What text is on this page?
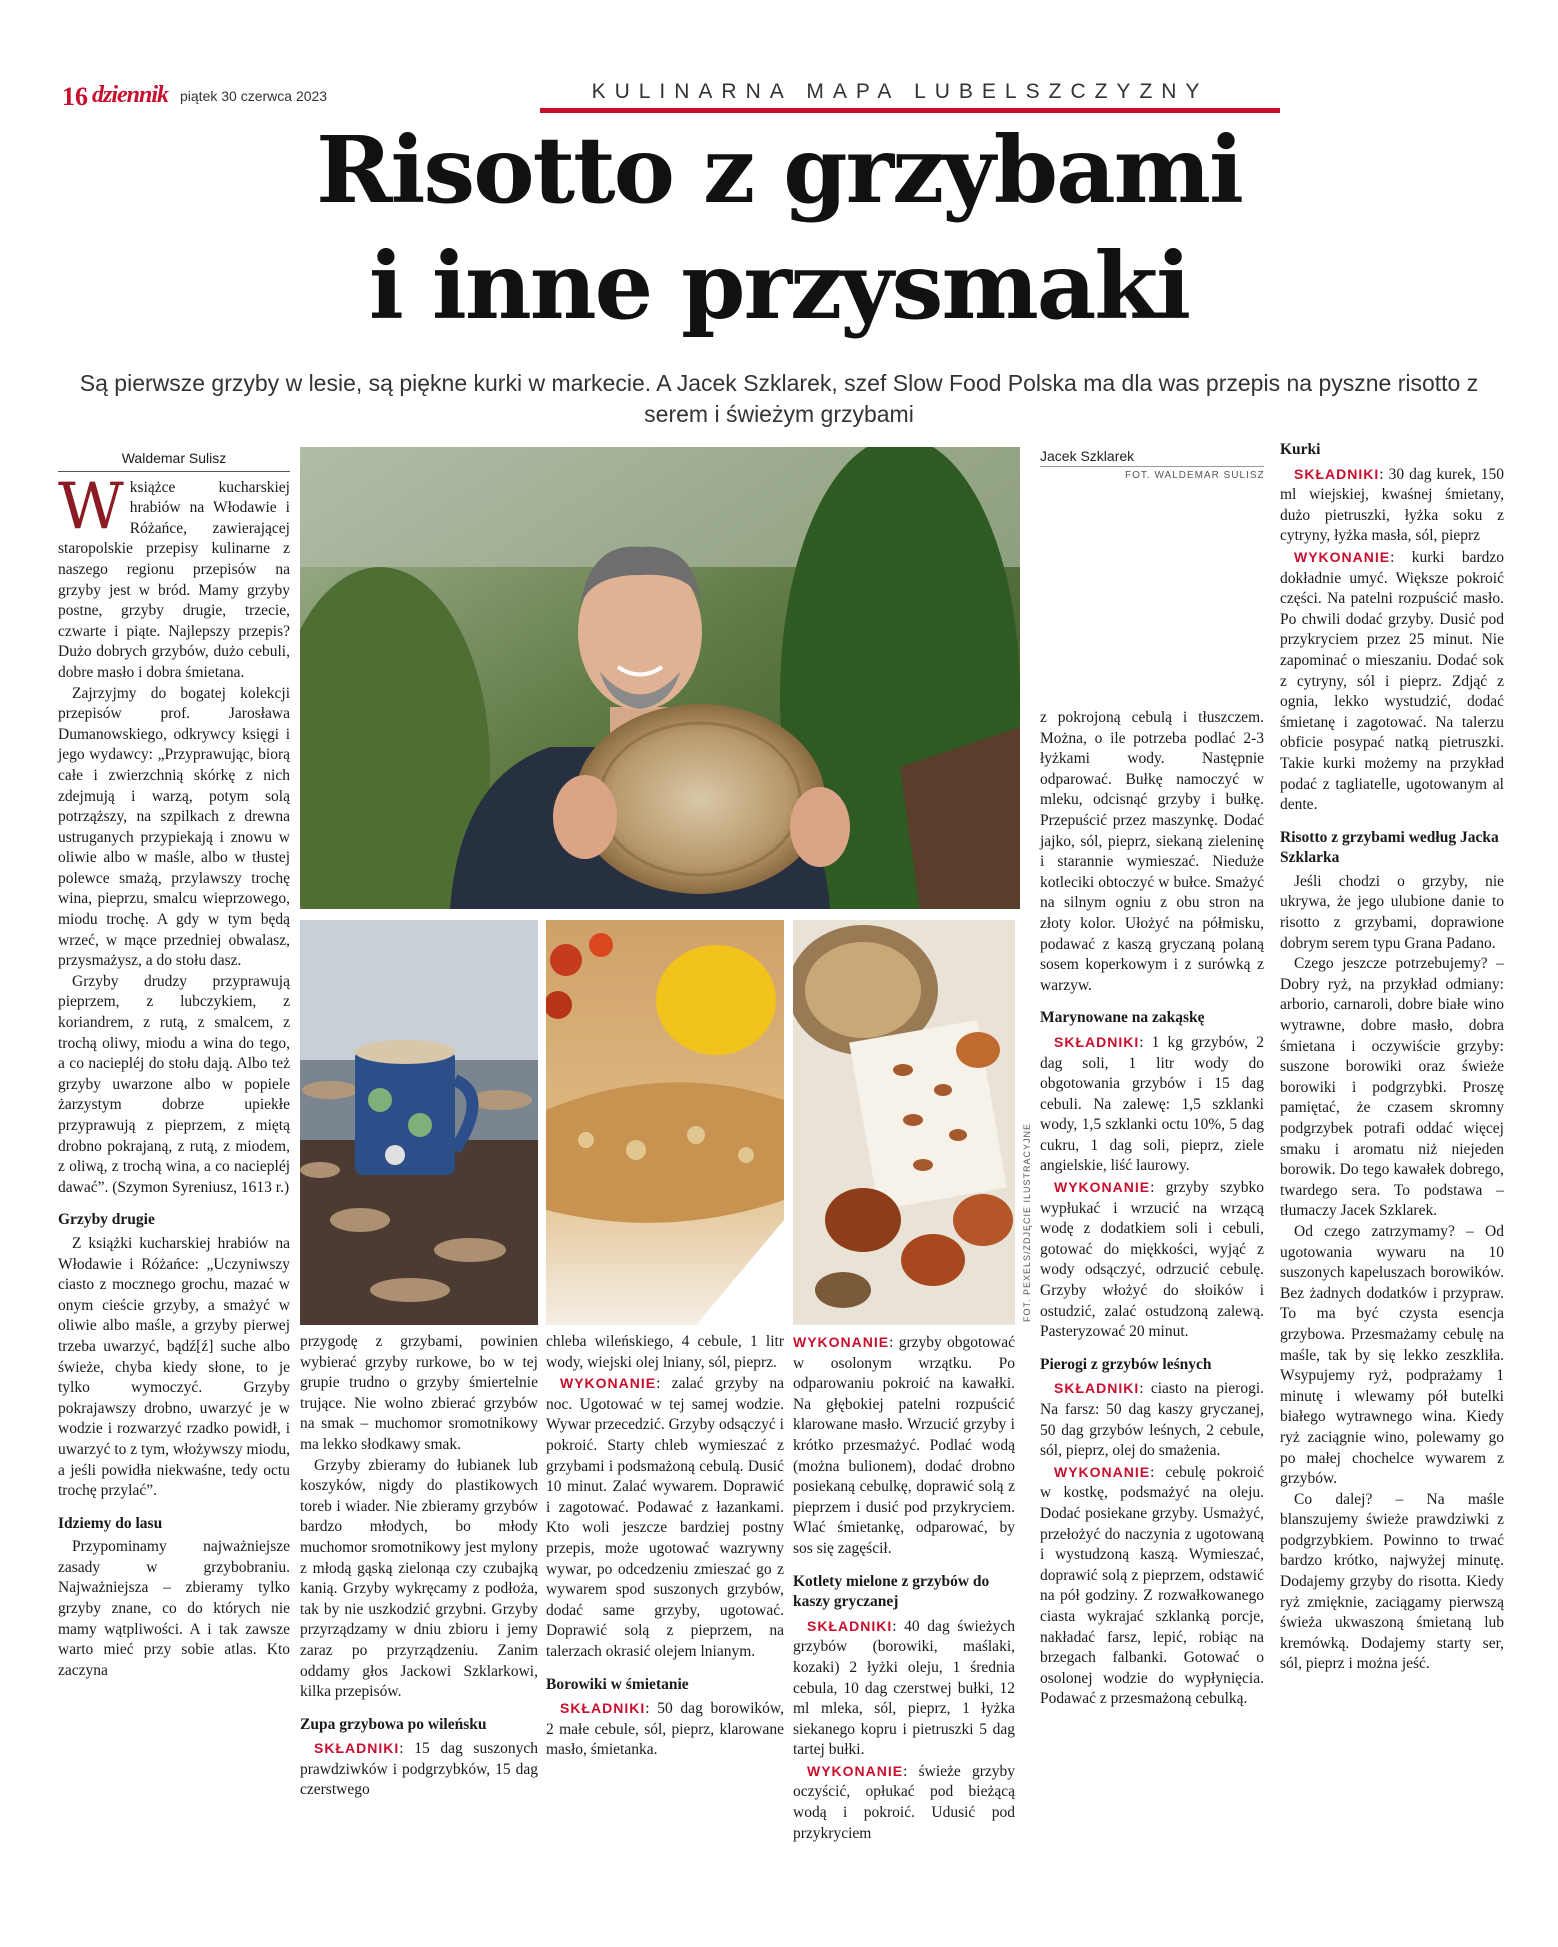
16 dziennik piątek 30 czerwca 2023	KULINARNA MAPA LUBELSZCZYZNY
Risotto z grzybami
i inne przysmaki
Są pierwsze grzyby w lesie, są piękne kurki w markecie. A Jacek Szklarek, szef Slow Food Polska ma dla was przepis na pyszne risotto z serem i świeżym grzybami
FOT. PEXELS/ZDJĘCIE ILUSTRACYJNE
Waldemar Sulisz

Wksiążce kucharskiej hrabiów na Włodawie i Różańce, zawierającej staropolskie przepisy kulinarne z naszego regionu przepisów na grzyby jest w bród. Mamy grzyby postne, grzyby drugie, trzecie, czwarte i piąte. Najlepszy przepis? Dużo dobrych grzybów, dużo cebuli, dobre masło i dobra śmietana.

Zajrzyjmy do bogatej kolekcji przepisów prof. Jarosława Dumanowskiego, odkrywcy księgi i jego wydawcy: „Przyprawując, biorą całe i zwierzchnią skórkę z nich zdejmują i warzą, potym solą potrząższy, na szpilkach z drewna ustruganych przypiekają i znowu w oliwie albo w maśle, albo w tłustej polewce smażą, przylawszy trochę wina, pieprzu, smalcu wieprzowego, miodu trochę. A gdy w tym będą wrzeć, w mące przedniej obwalasz, przysmażysz, a do stołu dasz.

Grzyby drudzy przyprawują pieprzem, z lubczykiem, z koriandrem, z rutą, z smalcem, z trochą oliwy, miodu a wina do tego, a co naciepléj do stołu dają. Albo też grzyby uwarzone albo w popiele żarzystym dobrze upiekłe przyprawują z pieprzem, z miętą drobno pokrajaną, z rutą, z miodem, z oliwą, z trochą wina, a co naciepléj dawać”. (Szymon Syreniusz, 1613 r.)

Grzyby drugie

Z książki kucharskiej hrabiów na Włodawie i Różańce: „Uczyniwszy ciasto z mocznego grochu, mazać w onym cieście grzyby, a smażyć w oliwie albo maśle, a grzyby pierwej trzeba uwarzyć, bądź[ź] suche albo świeże, chyba kiedy słone, to je tylko wymoczyć. Grzyby pokrajawszy drobno, uwarzyć je w wodzie i rozwarzyć rzadko powidł, i uwarzyć to z tym, włożywszy miodu, a jeśli powidła niekwaśne, tedy octu trochę przylać”.

Idziemy do lasu

Przypominamy najważniejsze zasady w grzybobraniu. Najważniejsza – zbieramy tylko grzyby znane, co do których nie mamy wątpliwości. A i tak zawsze warto mieć przy sobie atlas. Kto zaczyna

przygodę z grzybami, powinien wybierać grzyby rurkowe, bo w tej grupie trudno o grzyby śmiertelnie trujące. Nie wolno zbierać grzybów na smak – muchomor sromotnikowy ma lekko słodkawy smak.

Grzyby zbieramy do łubianek lub koszyków, nigdy do plastikowych toreb i wiader. Nie zbieramy grzybów bardzo młodych, bo młody muchomor sromotnikowy jest mylony z młodą gąską zielonąa czy czubajką kanią. Grzyby wykręcamy z podłoża, tak by nie uszkodzić grzybni. Grzyby przyrządzamy w dniu zbioru i jemy zaraz po przyrządzeniu. Zanim oddamy głos Jackowi Szklarkowi, kilka przepisów.

Zupa grzybowa po wileńsku

SKŁADNIKI: 15 dag suszonych prawdziwków i podgrzybków, 15 dag czerstwego

chleba wileńskiego, 4 cebule, 1 litr wody, wiejski olej lniany, sól, pieprz.

WYKONANIE: zalać grzyby na noc. Ugotować w tej samej wodzie. Wywar przecedzić. Grzyby odsączyć i pokroić. Starty chleb wymieszać z grzybami i podsmażoną cebulą. Dusić 10 minut. Zalać wywarem. Doprawić i zagotować. Podawać z łazankami. Kto woli jeszcze bardziej postny przepis, może ugotować wazrywny wywar, po odcedzeniu zmieszać go z wywarem spod suszonych grzybów, dodać same grzyby, ugotować. Doprawić solą z pieprzem, na talerzach okrasić olejem lnianym.

Borowiki w śmietanie

SKŁADNIKI: 50 dag borowików, 2 małe cebule, sól, pieprz, klarowane masło, śmietanka.

WYKONANIE: grzyby obgotować w osolonym wrzątku. Po odparowaniu pokroić na kawałki. Na głębokiej patelni rozpuścić klarowane masło. Wrzucić grzyby i krótko przesmażyć. Podlać wodą (można bulionem), dodać drobno posiekaną cebulkę, doprawić solą z pieprzem i dusić pod przykryciem. Wlać śmietankę, odparować, by sos się zagęścił.

Kotlety mielone z grzybów do kaszy gryczanej

SKŁADNIKI: 40 dag świeżych grzybów (borowiki, maślaki, kozaki) 2 łyżki oleju, 1 średnia cebula, 10 dag czerstwej bułki, 12 ml mleka, sól, pieprz, 1 łyżka siekanego kopru i pietruszki 5 dag tartej bułki.

WYKONANIE: świeże grzyby oczyścić, opłukać pod bieżącą wodą i pokroić. Udusić pod przykryciem

Jacek Szklarek
FOT. WALDEMAR SULISZ

z pokrojoną cebulą i tłuszczem. Można, o ile potrzeba podlać 2-3 łyżkami wody. Następnie odparować. Bułkę namoczyć w mleku, odcisnąć grzyby i bułkę. Przepuścić przez maszynkę. Dodać jajko, sól, pieprz, siekaną zieleninę i starannie wymieszać. Nieduże kotleciki obtoczyć w bułce. Smażyć na silnym ogniu z obu stron na złoty kolor. Ułożyć na półmisku, podawać z kaszą gryczaną polaną sosem koperkowym i z surówką z warzyw.

Marynowane na zakąskę

SKŁADNIKI: 1 kg grzybów, 2 dag soli, 1 litr wody do obgotowania grzybów i 15 dag cebuli. Na zalewę: 1,5 szklanki wody, 1,5 szklanki octu 10%, 5 dag cukru, 1 dag soli, pieprz, ziele angielskie, liść laurowy.

WYKONANIE: grzyby szybko wypłukać i wrzucić na wrzącą wodę z dodatkiem soli i cebuli, gotować do miękkości, wyjąć z wody odsączyć, odrzucić cebulę. Grzyby włożyć do słoików i ostudzić, zalać ostudzoną zalewą. Pasteryzować 20 minut.

Pierogi z grzybów leśnych

SKŁADNIKI: ciasto na pierogi. Na farsz: 50 dag kaszy gryczanej, 50 dag grzybów leśnych, 2 cebule, sól, pieprz, olej do smażenia.

WYKONANIE: cebulę pokroić w kostkę, podsmażyć na oleju. Dodać posiekane grzyby. Usmażyć, przełożyć do naczynia z ugotowaną i wystudzoną kaszą. Wymieszać, doprawić solą z pieprzem, odstawić na pół godziny. Z rozwałkowanego ciasta wykrajać szklanką porcje, nakładać farsz, lepić, robiąc na brzegach falbanki. Gotować o osolonej wodzie do wypłynięcia. Podawać z przesmażoną cebulką.

Kurki

SKŁADNIKI: 30 dag kurek, 150 ml wiejskiej, kwaśnej śmietany, dużo pietruszki, łyżka soku z cytryny, łyżka masła, sól, pieprz

WYKONANIE: kurki bardzo dokładnie umyć. Większe pokroić części. Na patelni rozpuścić masło. Po chwili dodać grzyby. Dusić pod przykryciem przez 25 minut. Nie zapominać o mieszaniu. Dodać sok z cytryny, sól i pieprz. Zdjąć z ognia, lekko wystudzić, dodać śmietanę i zagotować. Na talerzu obficie posypać natką pietruszki. Takie kurki możemy na przykład podać z tagliatelle, ugotowanym al dente.

Risotto z grzybami według Jacka Szklarka

Jeśli chodzi o grzyby, nie ukrywa, że jego ulubione danie to risotto z grzybami, doprawione dobrym serem typu Grana Padano.

Czego jeszcze potrzebujemy? – Dobry ryż, na przykład odmiany: arborio, carnaroli, dobre białe wino wytrawne, dobre masło, dobra śmietana i oczywiście grzyby: suszone borowiki oraz świeże borowiki i podgrzybki. Proszę pamiętać, że czasem skromny podgrzybek potrafi oddać więcej smaku i aromatu niż niejeden borowik. Do tego kawałek dobrego, twardego sera. To podstawa – tłumaczy Jacek Szklarek.

Od czego zatrzymamy? – Od ugotowania wywaru na 10 suszonych kapeluszach borowików. Bez żadnych dodatków i przypraw. To ma być czysta esencja grzybowa. Przesmażamy cebulę na maśle, tak by się lekko zeszkliła. Wsypujemy ryż, podprażamy 1 minutę i wlewamy pół butelki białego wytrawnego wina. Kiedy ryż zaciągnie wino, polewamy go po małej chochelce wywarem z grzybów.

Co dalej? – Na maśle blanszujemy świeże prawdziwki z podgrzybkiem. Powinno to trwać bardzo krótko, najwyżej minutę. Dodajemy grzyby do risotta. Kiedy ryż zmięknie, zaciągamy pierwszą świeża ukwaszoną śmietaną lub kremówką. Dodajemy starty ser, sól, pieprz i można jeść.
